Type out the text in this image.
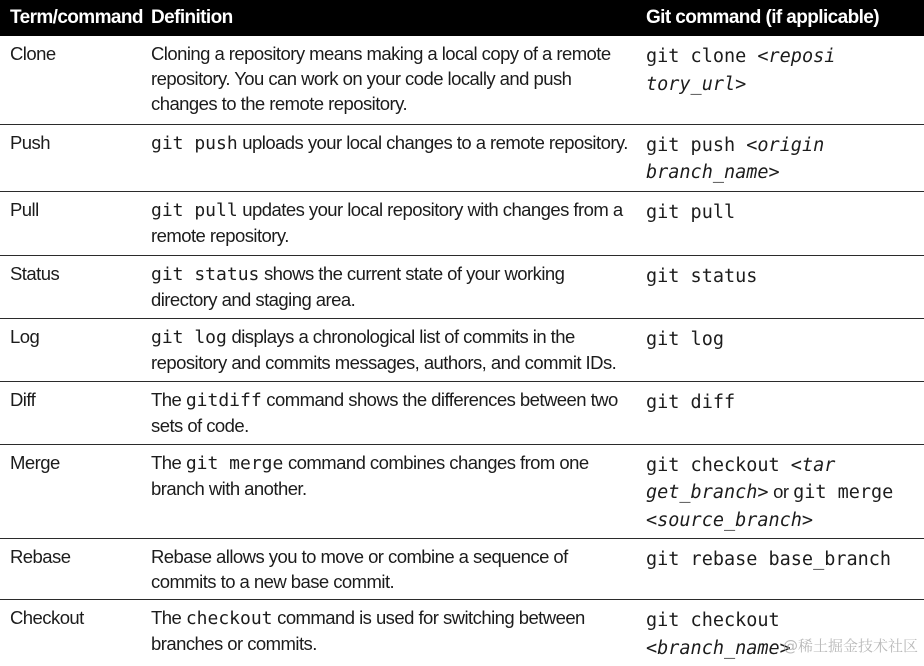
Term/command	Definition	Git command (if applicable)
Clone	Cloning a repository means making a local copy of a remote repository. You can work on your code locally and push changes to the remote repository.	git clone <reposi
tory_url>
Push	git push uploads your local changes to a remote repository.	git push <origin
branch_name>
Pull	git pull updates your local repository with changes from a remote repository.	git pull
Status	git status shows the current state of your working directory and staging area.	git status
Log	git log displays a chronological list of commits in the repository and commits messages, authors, and commit IDs.	git log
Diff	The gitdiff command shows the differences between two sets of code.	git diff
Merge	The git merge command combines changes from one branch with another.	git checkout <tar
get_branch> or git merge
<source_branch>
Rebase	Rebase allows you to move or combine a sequence of commits to a new base commit.	git rebase base_branch
Checkout	The checkout command is used for switching between branches or commits.	git checkout
<branch_name>
@稀土掘金技术社区
